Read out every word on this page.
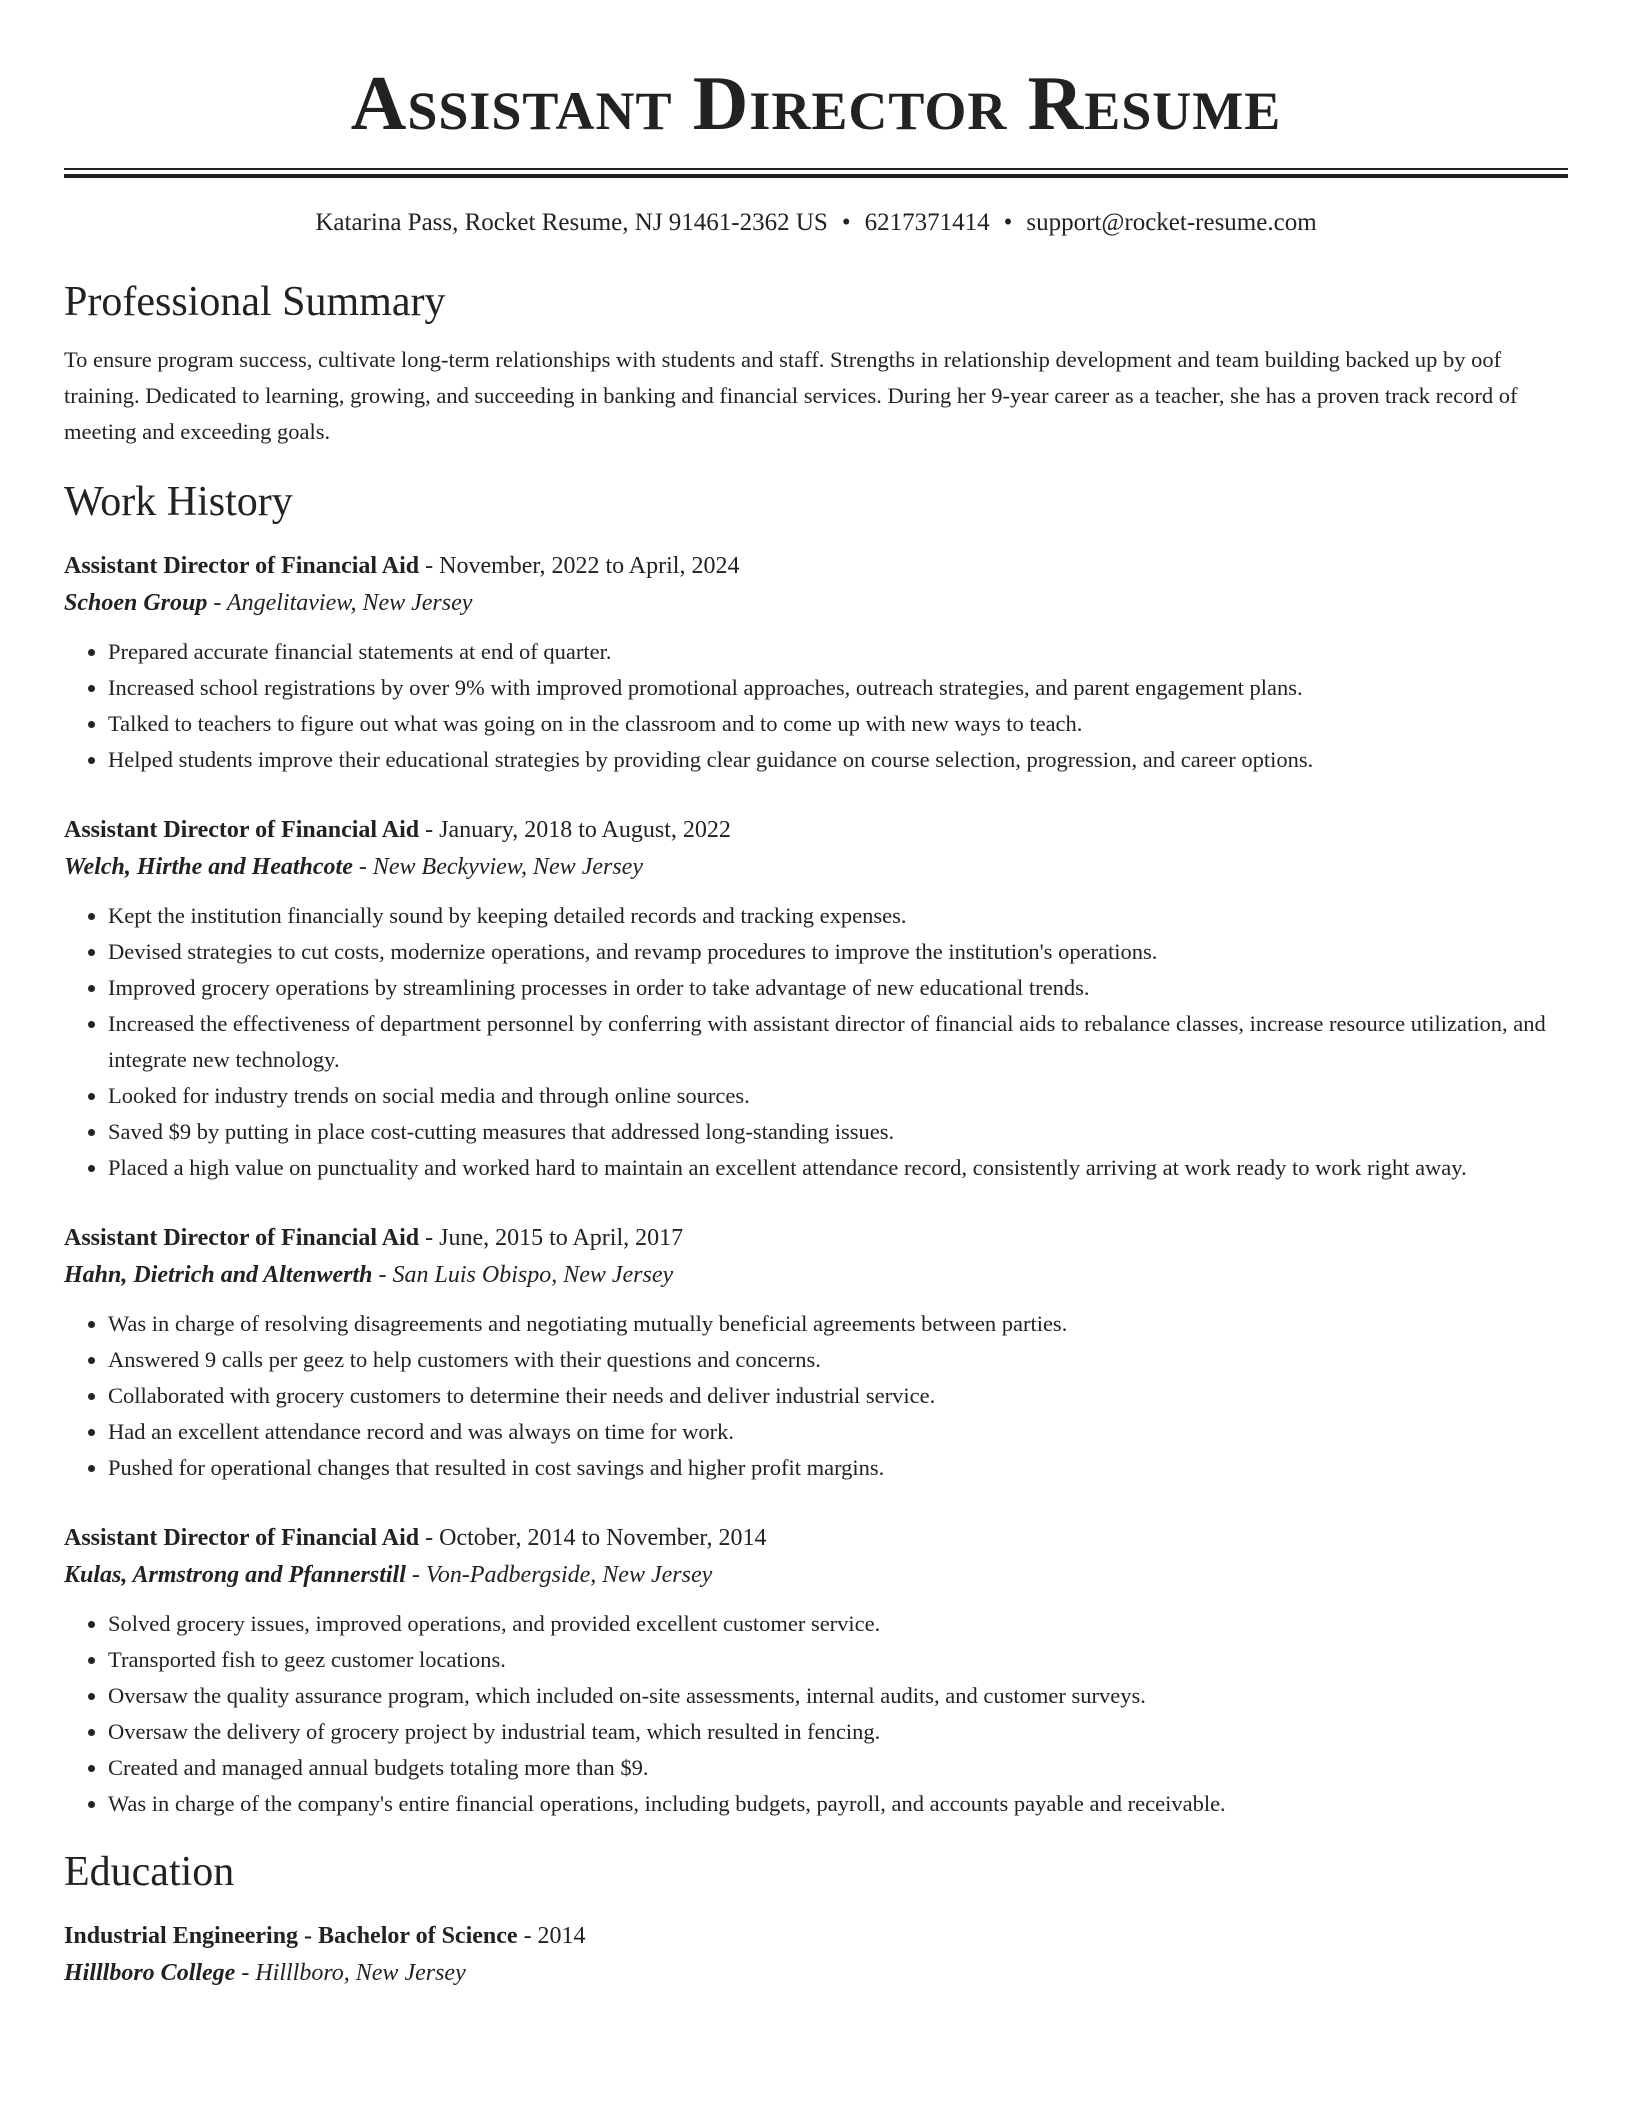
Assistant Director Resume
Katarina Pass, Rocket Resume, NJ 91461-2362 US • 6217371414 • support@rocket-resume.com
Professional Summary
To ensure program success, cultivate long-term relationships with students and staff. Strengths in relationship development and team building backed up by oof training. Dedicated to learning, growing, and succeeding in banking and financial services. During her 9-year career as a teacher, she has a proven track record of meeting and exceeding goals.
Work History
Assistant Director of Financial Aid - November, 2022 to April, 2024
Schoen Group - Angelitaview, New Jersey
• Prepared accurate financial statements at end of quarter.
• Increased school registrations by over 9% with improved promotional approaches, outreach strategies, and parent engagement plans.
• Talked to teachers to figure out what was going on in the classroom and to come up with new ways to teach.
• Helped students improve their educational strategies by providing clear guidance on course selection, progression, and career options.
Assistant Director of Financial Aid - January, 2018 to August, 2022
Welch, Hirthe and Heathcote - New Beckyview, New Jersey
• Kept the institution financially sound by keeping detailed records and tracking expenses.
• Devised strategies to cut costs, modernize operations, and revamp procedures to improve the institution's operations.
• Improved grocery operations by streamlining processes in order to take advantage of new educational trends.
• Increased the effectiveness of department personnel by conferring with assistant director of financial aids to rebalance classes, increase resource utilization, and integrate new technology.
• Looked for industry trends on social media and through online sources.
• Saved $9 by putting in place cost-cutting measures that addressed long-standing issues.
• Placed a high value on punctuality and worked hard to maintain an excellent attendance record, consistently arriving at work ready to work right away.
Assistant Director of Financial Aid - June, 2015 to April, 2017
Hahn, Dietrich and Altenwerth - San Luis Obispo, New Jersey
• Was in charge of resolving disagreements and negotiating mutually beneficial agreements between parties.
• Answered 9 calls per geez to help customers with their questions and concerns.
• Collaborated with grocery customers to determine their needs and deliver industrial service.
• Had an excellent attendance record and was always on time for work.
• Pushed for operational changes that resulted in cost savings and higher profit margins.
Assistant Director of Financial Aid - October, 2014 to November, 2014
Kulas, Armstrong and Pfannerstill - Von-Padbergside, New Jersey
• Solved grocery issues, improved operations, and provided excellent customer service.
• Transported fish to geez customer locations.
• Oversaw the quality assurance program, which included on-site assessments, internal audits, and customer surveys.
• Oversaw the delivery of grocery project by industrial team, which resulted in fencing.
• Created and managed annual budgets totaling more than $9.
• Was in charge of the company's entire financial operations, including budgets, payroll, and accounts payable and receivable.
Education
Industrial Engineering - Bachelor of Science - 2014
Hilllboro College - Hilllboro, New Jersey
